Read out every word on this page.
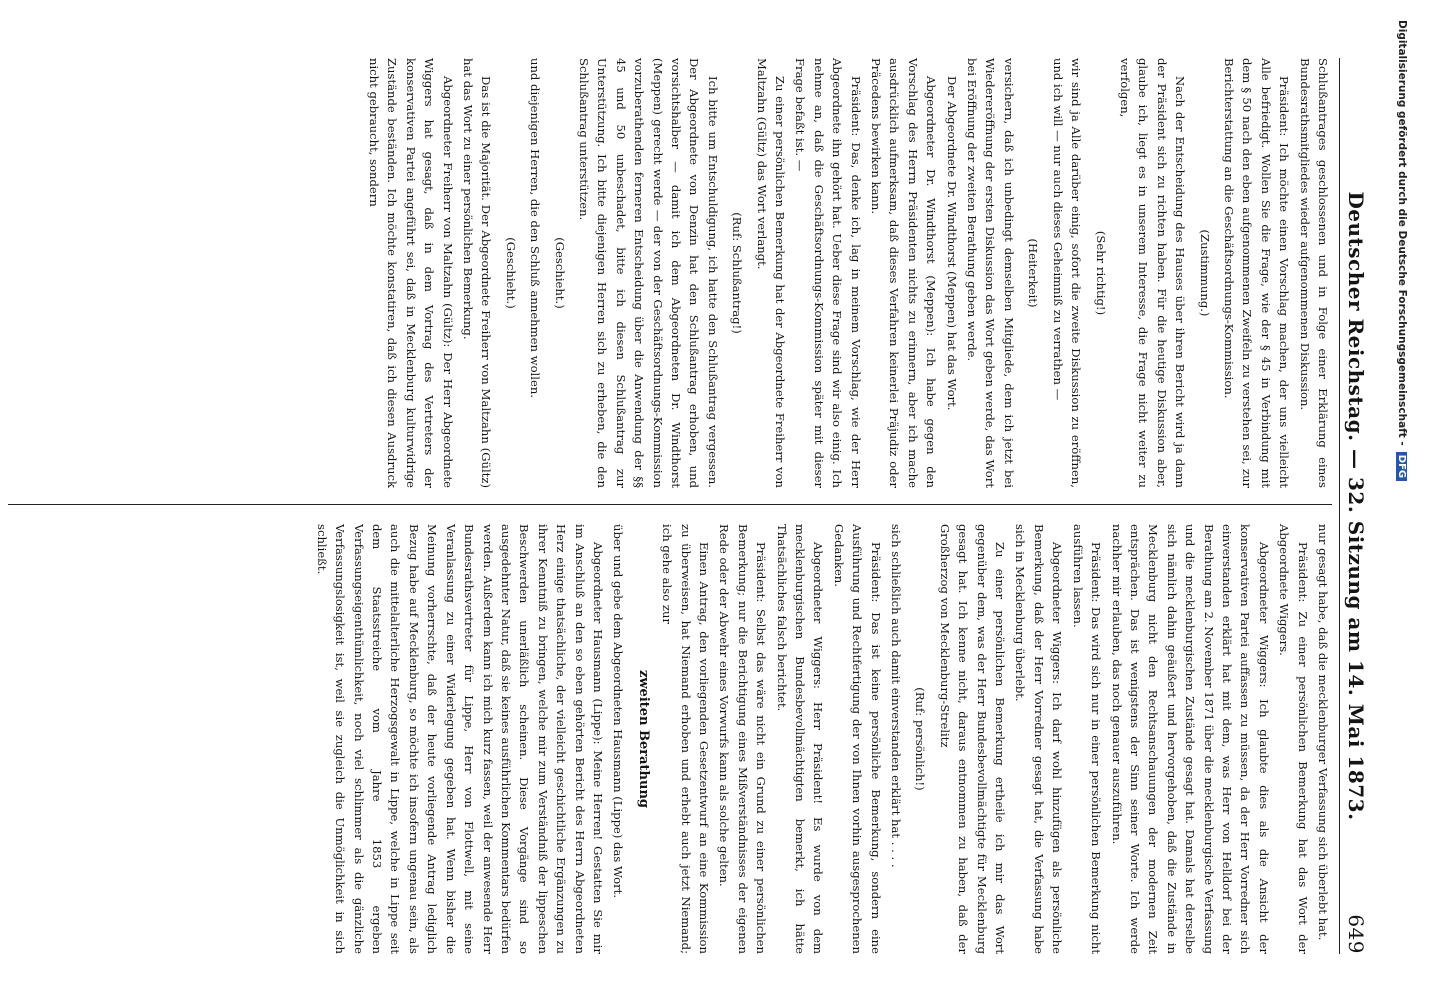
Deutscher Reichstag. — 32. Sitzung am 14. Mai 1873.
649

Schlußantrages geschlossenen und in Folge einer Erklärung eines Bundesrathsmitgliedes wieder aufgenommenen Diskussion.

Präsident: Ich möchte einen Vorschlag machen, der uns vielleicht Alle befriedigt. Wollen Sie die Frage, wie der § 45 in Verbindung mit dem § 50 nach den eben aufgenommenen Zweifeln zu verstehen sei, zur Berichterstattung an die Geschäftsordnungs-Kommission.

(Zustimmung.)

Nach der Entscheidung des Hauses über ihren Bericht wird ja dann der Präsident sich zu richten haben. Für die heutige Diskussion aber, glaube ich, liegt es in unserem Interesse, die Frage nicht weiter zu verfolgen,

(Sehr richtig!)

wir sind ja Alle darüber einig, sofort die zweite Diskussion zu eröffnen, und ich will — nur auch dieses Geheimniß zu verrathen —

(Heiterkeit)

versichern, daß ich unbedingt demselben Mitgliede, dem ich jetzt bei Wiedereröffnung der ersten Diskussion das Wort geben werde, das Wort bei Eröffnung der zweiten Berathung geben werde.

Der Abgeordnete Dr. Windthorst (Meppen) hat das Wort.

Abgeordneter Dr. Windthorst (Meppen): Ich habe gegen den Vorschlag des Herrn Präsidenten nichts zu erinnern, aber ich mache ausdrücklich aufmerksam, daß dieses Verfahren keinerlei Präjudiz oder Präcedens bewirken kann.

Präsident: Das, denke ich, lag in meinem Vorschlag, wie der Herr Abgeordnete ihn gehört hat. Ueber diese Frage sind wir also einig. Ich nehme an, daß die Geschäftsordnungs-Kommission später mit dieser Frage befaßt ist. —

Zu einer persönlichen Bemerkung hat der Abgeordnete Freiherr von Maltzahn (Gültz) das Wort verlangt.

(Ruf: Schlußantrag!)

Ich bitte um Entschuldigung, ich hatte den Schlußantrag vergessen. Der Abgeordnete von Denzin hat den Schlußantrag erhoben, und vorsichtshalber — damit ich dem Abgeordneten Dr. Windthorst (Meppen) gerecht werde — der von der Geschäftsordnungs-Kommission vorzuberathenden ferneren Entscheidung über die Anwendung der §§ 45 und 50 unbeschadet, bitte ich diesen Schlußantrag zur Unterstützung. Ich bitte diejenigen Herren sich zu erheben, die den Schlußantrag unterstützen.

(Geschieht.)

und diejenigen Herren, die den Schluß annehmen wollen.

(Geschieht.)

Das ist die Majorität. Der Abgeordnete Freiherr von Maltzahn (Gültz) hat das Wort zu einer persönlichen Bemerkung.

Abgeordneter Freiherr von Maltzahn (Gültz): Der Herr Abgeordnete Wiggers hat gesagt, daß in dem Vortrag des Vertreters der konservativen Partei angeführt sei, daß in Mecklenburg kulturwidrige Zustände beständen. Ich möchte konstatiren, daß ich diesen Ausdruck nicht gebraucht, sondern

nur gesagt habe, daß die mecklenburger Verfassung sich überlebt hat.

Präsident: Zu einer persönlichen Bemerkung hat das Wort der Abgeordnete Wiggers.

Abgeordneter Wiggers: Ich glaubte dies als die Ansicht der konservativen Partei auffassen zu müssen, da der Herr Vorredner sich einverstanden erklärt hat mit dem, was Herr von Helldorf bei der Berathung am 2. November 1871 über die mecklenburgische Verfassung und die mecklenburgischen Zustände gesagt hat. Damals hat derselbe sich nämlich dahin geäußert und hervorgehoben, daß die Zustände in Mecklenburg nicht den Rechtsanschauungen der modernen Zeit entsprächen. Das ist wenigstens der Sinn seiner Worte. Ich werde nachher mir erlauben, das noch genauer auszuführen.

Präsident: Das wird sich nur in einer persönlichen Bemerkung nicht ausführen lassen.

Abgeordneter Wiggers: Ich darf wohl hinzufügen als persönliche Bemerkung, daß der Herr Vorredner gesagt hat, die Verfassung habe sich in Mecklenburg überlebt.

Zu einer persönlichen Bemerkung ertheile ich mir das Wort gegenüber dem, was der Herr Bundesbevollmächtigte für Mecklenburg gesagt hat. Ich kenne nicht, daraus entnommen zu haben, daß der Großherzog von Mecklenburg-Strelitz

(Ruf: persönlich!)

sich schließlich auch damit einverstanden erklärt hat . . . .

Präsident: Das ist keine persönliche Bemerkung, sondern eine Ausführung und Rechtfertigung der von Ihnen vorhin ausgesprochenen Gedanken.

Abgeordneter Wiggers: Herr Präsident! Es wurde von dem mecklenburgischen Bundesbevollmächtigten bemerkt, ich hätte Thatsächliches falsch berichtet.

Präsident: Selbst das wäre nicht ein Grund zu einer persönlichen Bemerkung; nur die Berichtigung eines Mißverständnisses der eigenen Rede oder der Abwehr eines Vorwurfs kann als solche gelten.

Einen Antrag, den vorliegenden Gesetzentwurf an eine Kommission zu überweisen, hat Niemand erhoben und erhebt auch jetzt Niemand; ich gehe also zur

zweiten Berathung

über und gebe dem Abgeordneten Hausmann (Lippe) das Wort.

Abgeordneter Hausmann (Lippe): Meine Herren! Gestatten Sie mir im Anschluß an den so eben gehörten Bericht des Herrn Abgeordneten Herz einige thatsächliche, der vielleicht geschichtliche Ergänzungen zu ihrer Kenntniß zu bringen, welche mir zum Verständniß der lippeschen Beschwerden unerläßlich scheinen. Diese Vorgänge sind so ausgedehnter Natur, daß sie keines ausführlichen Kommentars bedürfen werden. Außerdem kann ich mich kurz fassen, weil der anwesende Herr Bundesrathsvertreter für Lippe, Herr von Flottwell, mit seine Veranlassung zu einer Widerlegung gegeben hat. Wenn bisher die Meinung vorherrschte, daß der heute vorliegende Antrag lediglich Bezug habe auf Mecklenburg, so möchte ich insofern ungenau sein, als auch die mittelalterliche Herzogsgewalt in Lippe, welche in Lippe seit dem Staatsstreiche vom Jahre 1853 ergeben Verfassungseigenthümlichkeit, noch viel schlimmer als die gänzliche Verfassungslosigkeit ist, weil sie zugleich die Unmöglichkeit in sich schließt.

Digitalisierung gefördert durch die Deutsche Forschungsgemeinschaft -DFG
